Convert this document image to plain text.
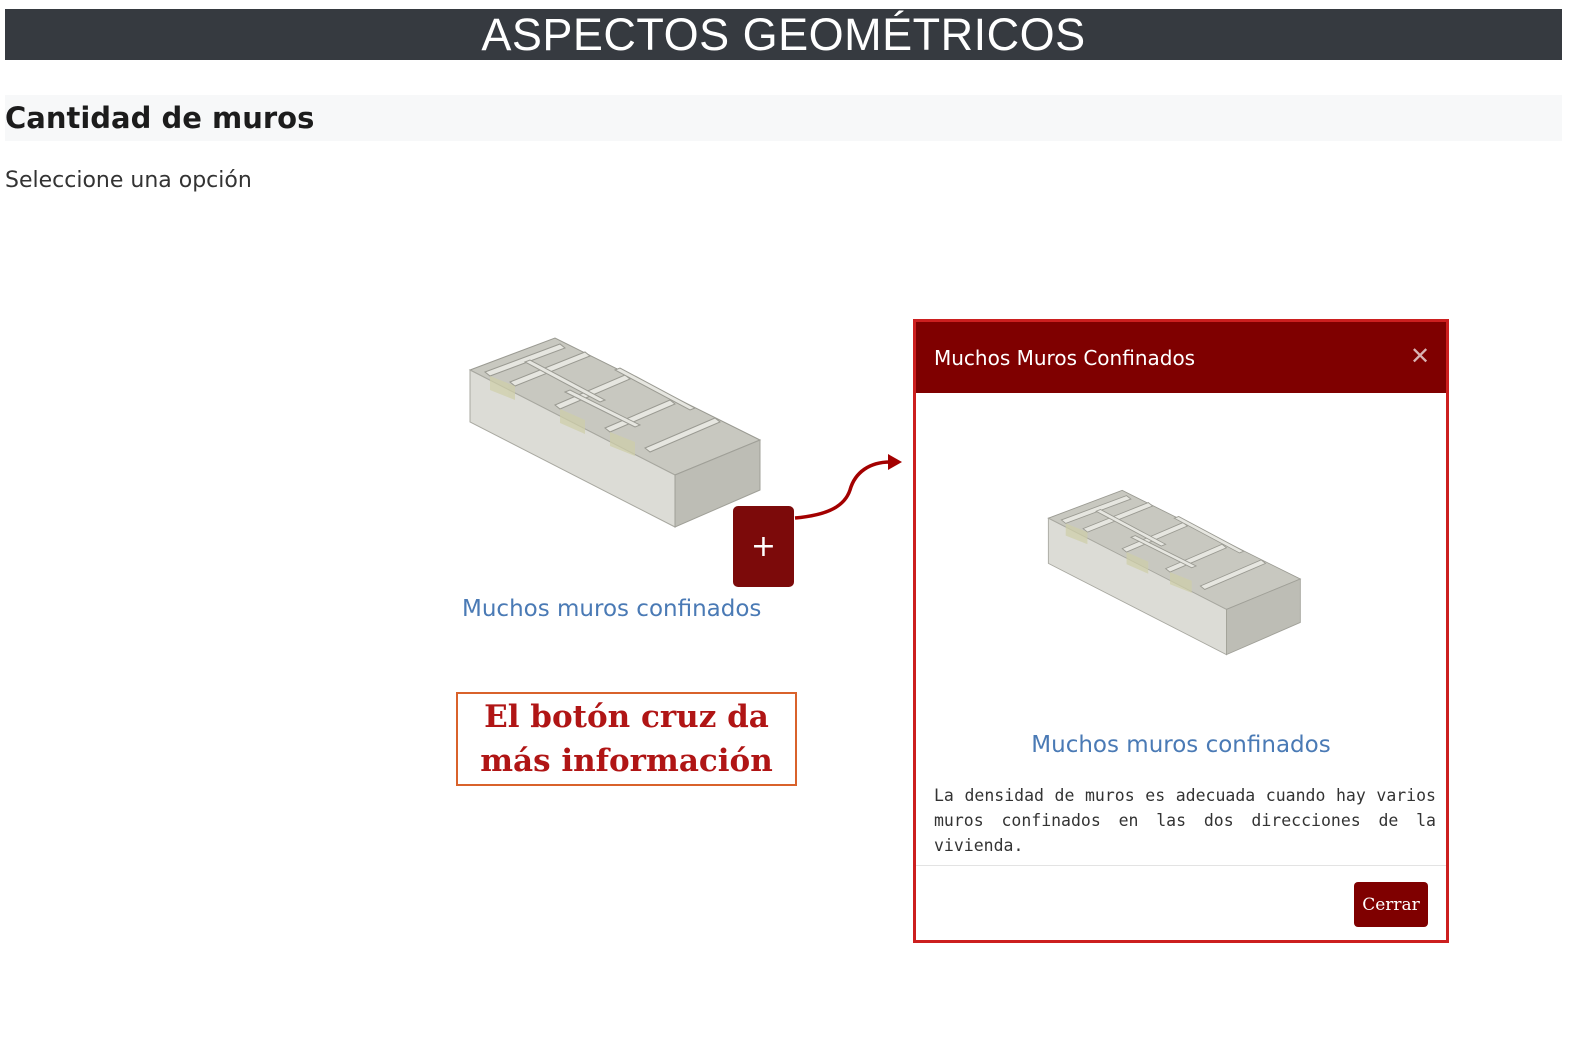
ASPECTOS GEOMÉTRICOS
Cantidad de muros
Seleccione una opción
Muchos muros confinados
+
El botón cruz da
más información
Muchos Muros Confinados	✕
Muchos muros confinados
La densidad de muros es adecuada cuando hay varios muros confinados en las dos direcciones de la vivienda.
Cerrar
